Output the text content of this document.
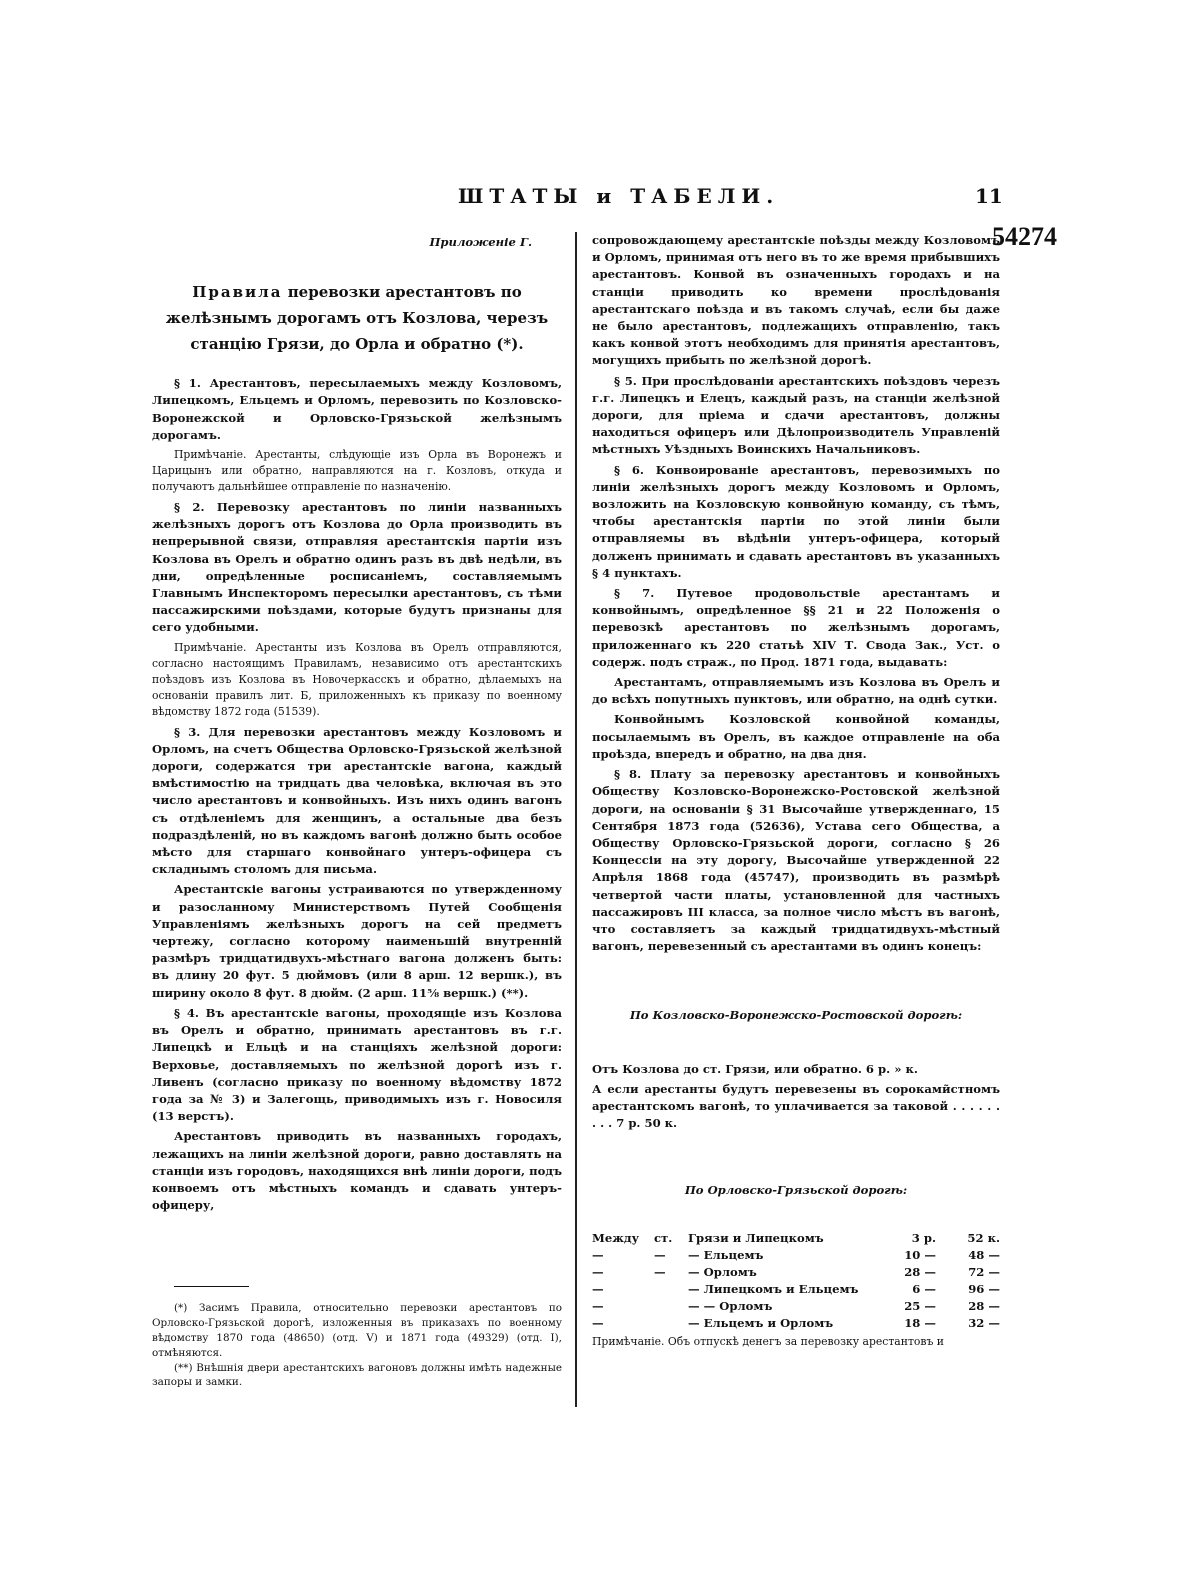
ШТАТЫ и ТАБЕЛИ.	11
54274
Приложеніе Г.
Правила перевозки арестантовъ по желѣзнымъ дорогамъ отъ Козлова, черезъ станцію Грязи, до Орла и обратно (*).

§ 1. Арестантовъ, пересылаемыхъ между Козловомъ, Липецкомъ, Ельцемъ и Орломъ, перевозить по Козловско-Воронежской и Орловско-Грязьской желѣзнымъ дорогамъ.

Примѣчаніе. Арестанты, слѣдующіе изъ Орла въ Воронежъ и Царицынъ или обратно, направляются на г. Козловъ, откуда и получаютъ дальнѣйшее отправленіе по назначенію.

§ 2. Перевозку арестантовъ по линіи названныхъ желѣзныхъ дорогъ отъ Козлова до Орла производить въ непрерывной связи, отправляя арестантскія партіи изъ Козлова въ Орелъ и обратно одинъ разъ въ двѣ недѣли, въ дни, опредѣленные росписаніемъ, составляемымъ Главнымъ Инспекторомъ пересылки арестантовъ, съ тѣми пассажирскими поѣздами, которые будутъ признаны для сего удобными.

Примѣчаніе. Арестанты изъ Козлова въ Орелъ отправляются, согласно настоящимъ Правиламъ, независимо отъ арестантскихъ поѣздовъ изъ Козлова въ Новочеркасскъ и обратно, дѣлаемыхъ на основаніи правилъ лит. Б, приложенныхъ къ приказу по военному вѣдомству 1872 года (51539).

§ 3. Для перевозки арестантовъ между Козловомъ и Орломъ, на счетъ Общества Орловско-Грязьской желѣзной дороги, содержатся три арестантскіе вагона, каждый вмѣстимостію на тридцать два человѣка, включая въ это число арестантовъ и конвойныхъ. Изъ нихъ одинъ вагонъ съ отдѣленіемъ для женщинъ, а остальные два безъ подраздѣленій, но въ каждомъ вагонѣ должно быть особое мѣсто для старшаго конвойнаго унтеръ-офицера съ складнымъ столомъ для письма.

Арестантскіе вагоны устраиваются по утвержденному и разосланному Министерствомъ Путей Сообщенія Управленіямъ желѣзныхъ дорогъ на сей предметъ чертежу, согласно которому наименьшій внутренній размѣръ тридцатидвухъ-мѣстнаго вагона долженъ быть: въ длину 20 фут. 5 дюймовъ (или 8 арш. 12 вершк.), въ ширину около 8 фут. 8 дюйм. (2 арш. 11⅝ вершк.) (**).

§ 4. Въ арестантскіе вагоны, проходящіе изъ Козлова въ Орелъ и обратно, принимать арестантовъ въ г.г. Липецкѣ и Ельцѣ и на станціяхъ желѣзной дороги: Верховье, доставляемыхъ по желѣзной дорогѣ изъ г. Ливенъ (согласно приказу по военному вѣдомству 1872 года за № 3) и Залегощь, приводимыхъ изъ г. Новосиля (13 верстъ).

Арестантовъ приводить въ названныхъ городахъ, лежащихъ на линіи желѣзной дороги, равно доставлять на станціи изъ городовъ, находящихся внѣ линіи дороги, подъ конвоемъ отъ мѣстныхъ командъ и сдавать унтеръ-офицеру,

(*) Засимъ Правила, относительно перевозки арестантовъ по Орловско-Грязьской дорогѣ, изложенныя въ приказахъ по военному вѣдомству 1870 года (48650) (отд. V) и 1871 года (49329) (отд. I), отмѣняются.

(**) Внѣшнія двери арестантскихъ вагоновъ должны имѣть надежные запоры и замки.

сопровождающему арестантскіе поѣзды между Козловомъ и Орломъ, принимая отъ него въ то же время прибывшихъ арестантовъ. Конвой въ означенныхъ городахъ и на станціи приводить ко времени прослѣдованія арестантскаго поѣзда и въ такомъ случаѣ, если бы даже не было арестантовъ, подлежащихъ отправленію, такъ какъ конвой этотъ необходимъ для принятія арестантовъ, могущихъ прибыть по желѣзной дорогѣ.

§ 5. При прослѣдованіи арестантскихъ поѣздовъ черезъ г.г. Липецкъ и Елецъ, каждый разъ, на станціи желѣзной дороги, для пріема и сдачи арестантовъ, должны находиться офицеръ или Дѣлопроизводитель Управленій мѣстныхъ Уѣздныхъ Воинскихъ Начальниковъ.

§ 6. Конвоированіе арестантовъ, перевозимыхъ по линіи желѣзныхъ дорогъ между Козловомъ и Орломъ, возложить на Козловскую конвойную команду, съ тѣмъ, чтобы арестантскія партіи по этой линіи были отправляемы въ вѣдѣніи унтеръ-офицера, который долженъ принимать и сдавать арестантовъ въ указанныхъ § 4 пунктахъ.

§ 7. Путевое продовольствіе арестантамъ и конвойнымъ, опредѣленное §§ 21 и 22 Положенія о перевозкѣ арестантовъ по желѣзнымъ дорогамъ, приложеннаго къ 220 статьѣ XIV Т. Свода Зак., Уст. о содерж. подъ страж., по Прод. 1871 года, выдавать:

Арестантамъ, отправляемымъ изъ Козлова въ Орелъ и до всѣхъ попутныхъ пунктовъ, или обратно, на однѣ сутки.

Конвойнымъ Козловской конвойной команды, посылаемымъ въ Орелъ, въ каждое отправленіе на оба проѣзда, впередъ и обратно, на два дня.

§ 8. Плату за перевозку арестантовъ и конвойныхъ Обществу Козловско-Воронежско-Ростовской желѣзной дороги, на основаніи § 31 Высочайше утвержденнаго, 15 Сентября 1873 года (52636), Устава сего Общества, а Обществу Орловско-Грязьской дороги, согласно § 26 Концессіи на эту дорогу, Высочайше утвержденной 22 Апрѣля 1868 года (45747), производить въ размѣрѣ четвертой части платы, установленной для частныхъ пассажировъ III класса, за полное число мѣстъ въ вагонѣ, что составляетъ за каждый тридцатидвухъ-мѣстный вагонъ, перевезенный съ арестантами въ одинъ конецъ:

По Козловско-Воронежско-Ростовской дорогѣ:

Отъ Козлова до ст. Грязи, или обратно. 6 р. » к.

А если арестанты будутъ перевезены въ сороками̃стномъ арестантскомъ вагонѣ, то уплачивается за таковой . . . . . . . . . 7 р. 50 к.

По Орловско-Грязьской дорогѣ:
Между	ст.	Грязи и Липецкомъ	3 р.	52 к.
—	—	— Ельцемъ	10 —	48 —
—	—	— Орломъ	28 —	72 —
—		— Липецкомъ и Ельцемъ	6 —	96 —
—		— — Орломъ	25 —	28 —
—		— Ельцемъ и Орломъ	18 —	32 —

Примѣчаніе. Объ отпускѣ денегъ за перевозку арестантовъ и
